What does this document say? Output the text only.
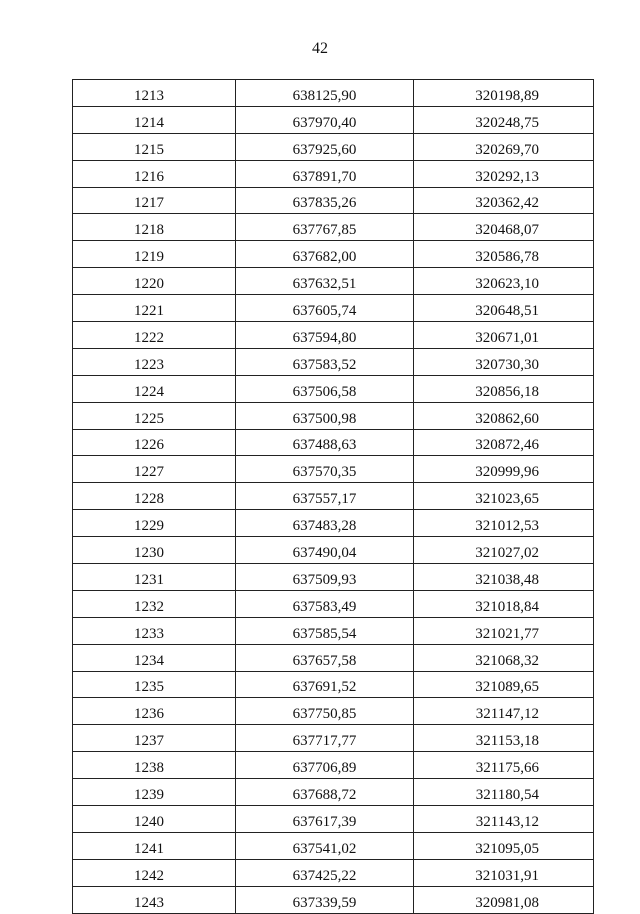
42
1213	638125,90	320198,89
1214	637970,40	320248,75
1215	637925,60	320269,70
1216	637891,70	320292,13
1217	637835,26	320362,42
1218	637767,85	320468,07
1219	637682,00	320586,78
1220	637632,51	320623,10
1221	637605,74	320648,51
1222	637594,80	320671,01
1223	637583,52	320730,30
1224	637506,58	320856,18
1225	637500,98	320862,60
1226	637488,63	320872,46
1227	637570,35	320999,96
1228	637557,17	321023,65
1229	637483,28	321012,53
1230	637490,04	321027,02
1231	637509,93	321038,48
1232	637583,49	321018,84
1233	637585,54	321021,77
1234	637657,58	321068,32
1235	637691,52	321089,65
1236	637750,85	321147,12
1237	637717,77	321153,18
1238	637706,89	321175,66
1239	637688,72	321180,54
1240	637617,39	321143,12
1241	637541,02	321095,05
1242	637425,22	321031,91
1243	637339,59	320981,08
